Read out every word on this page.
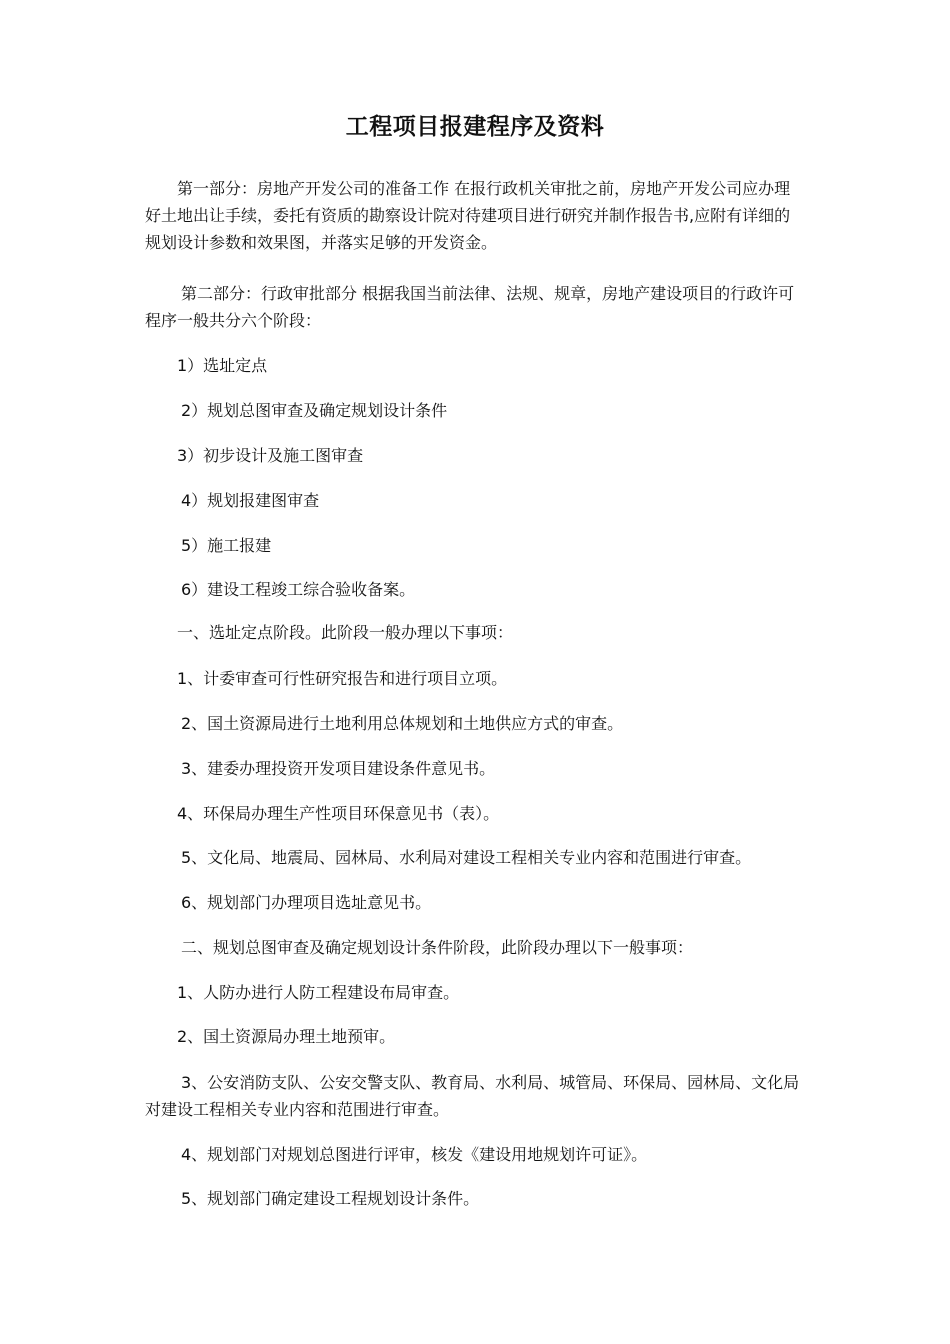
工程项目报建程序及资料

第一部分：房地产开发公司的准备工作 在报行政机关审批之前，房地产开发公司应办理好土地出让手续，委托有资质的勘察设计院对待建项目进行研究并制作报告书,应附有详细的规划设计参数和效果图，并落实足够的开发资金。

第二部分：行政审批部分 根据我国当前法律、法规、规章，房地产建设项目的行政许可程序一般共分六个阶段：

1）选址定点
2）规划总图审查及确定规划设计条件
3）初步设计及施工图审查
4）规划报建图审查
5）施工报建
6）建设工程竣工综合验收备案。
一、选址定点阶段。此阶段一般办理以下事项：
1、计委审查可行性研究报告和进行项目立项。
2、国土资源局进行土地利用总体规划和土地供应方式的审查。
3、建委办理投资开发项目建设条件意见书。
4、环保局办理生产性项目环保意见书（表）。
5、文化局、地震局、园林局、水利局对建设工程相关专业内容和范围进行审查。
6、规划部门办理项目选址意见书。
二、规划总图审查及确定规划设计条件阶段，此阶段办理以下一般事项：
1、人防办进行人防工程建设布局审查。
2、国土资源局办理土地预审。

3、公安消防支队、公安交警支队、教育局、水利局、城管局、环保局、园林局、文化局对建设工程相关专业内容和范围进行审查。

4、规划部门对规划总图进行评审，核发《建设用地规划许可证》。
5、规划部门确定建设工程规划设计条件。
